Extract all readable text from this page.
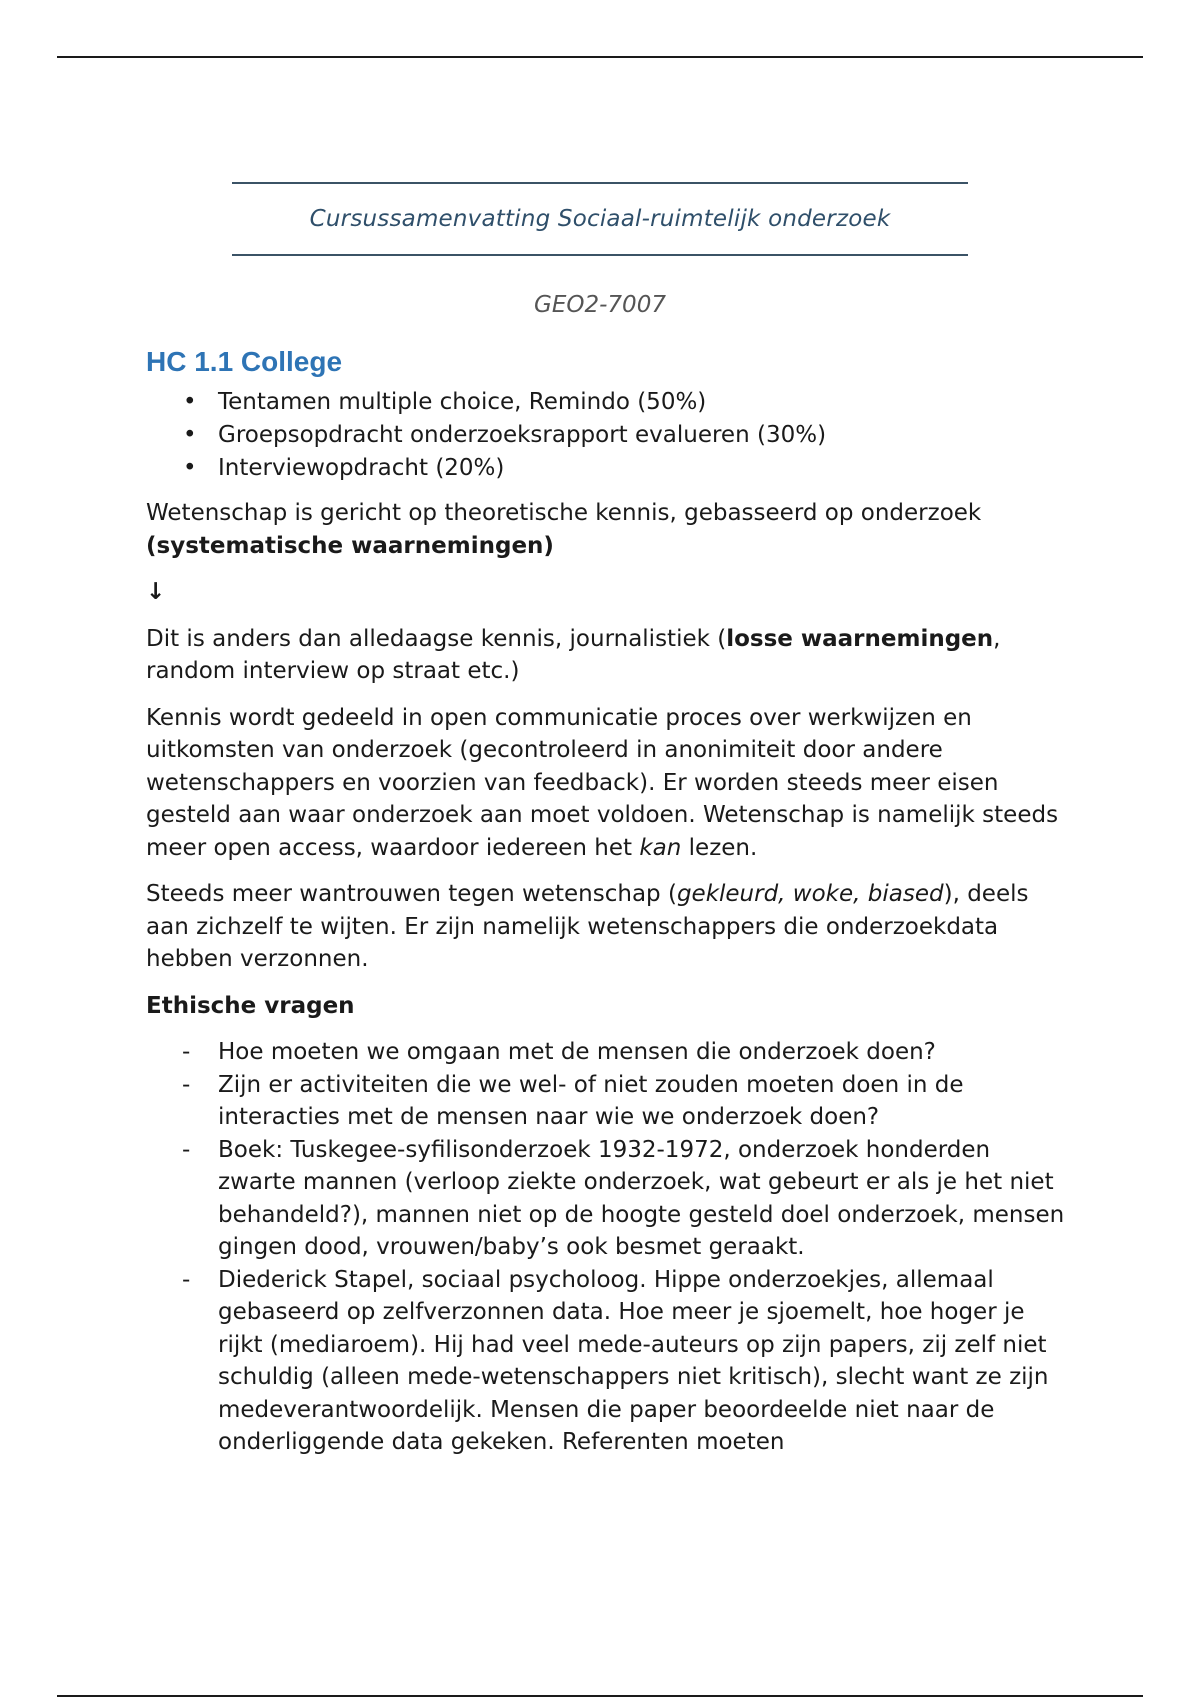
Cursussamenvatting Sociaal-ruimtelijk onderzoek
GEO2-7007
HC 1.1 College
• Tentamen multiple choice, Remindo (50%)
• Groepsopdracht onderzoeksrapport evalueren (30%)
• Interviewopdracht (20%)

Wetenschap is gericht op theoretische kennis, gebasseerd op onderzoek (systematische waarnemingen)

↓

Dit is anders dan alledaagse kennis, journalistiek (losse waarnemingen, random interview op straat etc.)

Kennis wordt gedeeld in open communicatie proces over werkwijzen en uitkomsten van onderzoek (gecontroleerd in anonimiteit door andere wetenschappers en voorzien van feedback). Er worden steeds meer eisen gesteld aan waar onderzoek aan moet voldoen. Wetenschap is namelijk steeds meer open access, waardoor iedereen het kan lezen.

Steeds meer wantrouwen tegen wetenschap (gekleurd, woke, biased), deels aan zichzelf te wijten. Er zijn namelijk wetenschappers die onderzoekdata hebben verzonnen.

Ethische vragen
- Hoe moeten we omgaan met de mensen die onderzoek doen?
- Zijn er activiteiten die we wel- of niet zouden moeten doen in de interacties met de mensen naar wie we onderzoek doen?
- Boek: Tuskegee-syfilisonderzoek 1932-1972, onderzoek honderden zwarte mannen (verloop ziekte onderzoek, wat gebeurt er als je het niet behandeld?), mannen niet op de hoogte gesteld doel onderzoek, mensen gingen dood, vrouwen/baby’s ook besmet geraakt.
- Diederick Stapel, sociaal psycholoog. Hippe onderzoekjes, allemaal gebaseerd op zelfverzonnen data. Hoe meer je sjoemelt, hoe hoger je rijkt (mediaroem). Hij had veel mede-auteurs op zijn papers, zij zelf niet schuldig (alleen mede-wetenschappers niet kritisch), slecht want ze zijn medeverantwoordelijk. Mensen die paper beoordeelde niet naar de onderliggende data gekeken. Referenten moeten
